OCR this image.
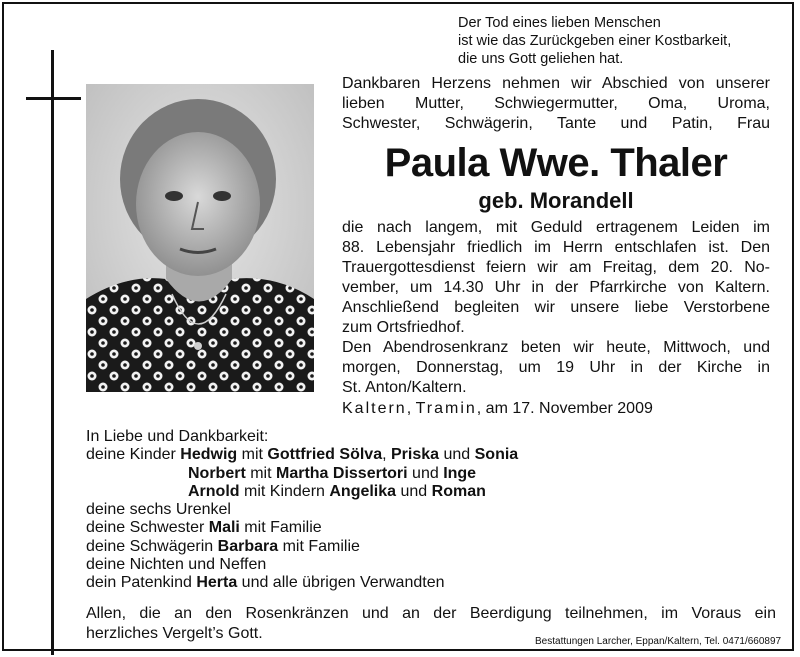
Der Tod eines lieben Menschen
ist wie das Zurückgeben einer Kostbarkeit,
die uns Gott geliehen hat.
Dankbaren Herzens nehmen wir Abschied von unserer
lieben Mutter, Schwiegermutter, Oma, Uroma,
Schwester, Schwägerin, Tante und Patin, Frau
Paula Wwe. Thaler
geb. Morandell
die nach langem, mit Geduld ertragenem Leiden im
88. Lebensjahr friedlich im Herrn entschlafen ist. Den
Trauergottesdienst feiern wir am Freitag, dem 20. No-
vember, um 14.30 Uhr in der Pfarrkirche von Kaltern.
Anschließend begleiten wir unsere liebe Verstorbene
zum Ortsfriedhof.
Den Abendrosenkranz beten wir heute, Mittwoch, und
morgen, Donnerstag, um 19 Uhr in der Kirche in
St. Anton/Kaltern.
Kaltern, Tramin, am 17. November 2009
In Liebe und Dankbarkeit:
deine Kinder Hedwig mit Gottfried Sölva, Priska und Sonia
Norbert mit Martha Dissertori und Inge
Arnold mit Kindern Angelika und Roman
deine sechs Urenkel
deine Schwester Mali mit Familie
deine Schwägerin Barbara mit Familie
deine Nichten und Neffen
dein Patenkind Herta und alle übrigen Verwandten
Allen, die an den Rosenkränzen und an der Beerdigung teilnehmen, im Voraus ein
herzliches Vergelt’s Gott.	Bestattungen Larcher, Eppan/Kaltern, Tel. 0471/660897
